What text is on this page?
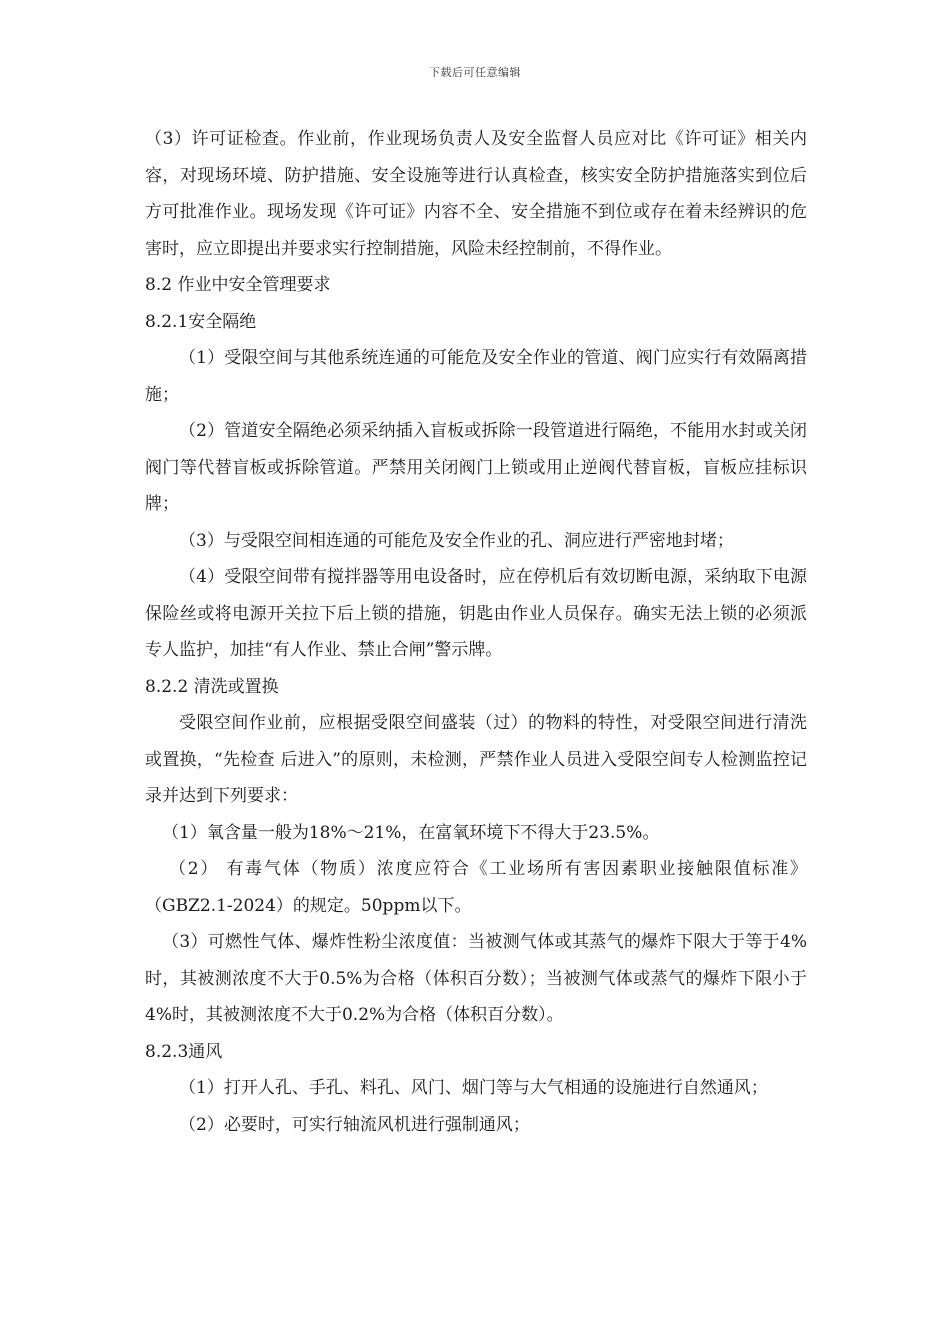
下载后可任意编辑

（3）许可证检查。作业前，作业现场负责人及安全监督人员应对比《许可证》相关内容，对现场环境、防护措施、安全设施等进行认真检查，核实安全防护措施落实到位后方可批准作业。现场发现《许可证》内容不全、安全措施不到位或存在着未经辨识的危害时，应立即提出并要求实行控制措施，风险未经控制前，不得作业。

8.2 作业中安全管理要求

8.2.1安全隔绝

（1）受限空间与其他系统连通的可能危及安全作业的管道、阀门应实行有效隔离措施；

（2）管道安全隔绝必须采纳插入盲板或拆除一段管道进行隔绝，不能用水封或关闭阀门等代替盲板或拆除管道。严禁用关闭阀门上锁或用止逆阀代替盲板，盲板应挂标识牌；

（3）与受限空间相连通的可能危及安全作业的孔、洞应进行严密地封堵；

（4）受限空间带有搅拌器等用电设备时，应在停机后有效切断电源，采纳取下电源保险丝或将电源开关拉下后上锁的措施，钥匙由作业人员保存。确实无法上锁的必须派专人监护，加挂“有人作业、禁止合闸”警示牌。

8.2.2 清洗或置换

受限空间作业前，应根据受限空间盛装（过）的物料的特性，对受限空间进行清洗或置换，“先检查 后进入”的原则，未检测，严禁作业人员进入受限空间专人检测监控记录并达到下列要求：

（1）氧含量一般为18%～21%，在富氧环境下不得大于23.5%。

（2） 有毒气体（物质）浓度应符合《工业场所有害因素职业接触限值标准》（GBZ2.1-2024）的规定。50ppm以下。

（3）可燃性气体、爆炸性粉尘浓度值：当被测气体或其蒸气的爆炸下限大于等于4%时，其被测浓度不大于0.5%为合格（体积百分数）；当被测气体或蒸气的爆炸下限小于4%时，其被测浓度不大于0.2%为合格（体积百分数）。

8.2.3通风

（1）打开人孔、手孔、料孔、风门、烟门等与大气相通的设施进行自然通风；

（2）必要时，可实行轴流风机进行强制通风；
